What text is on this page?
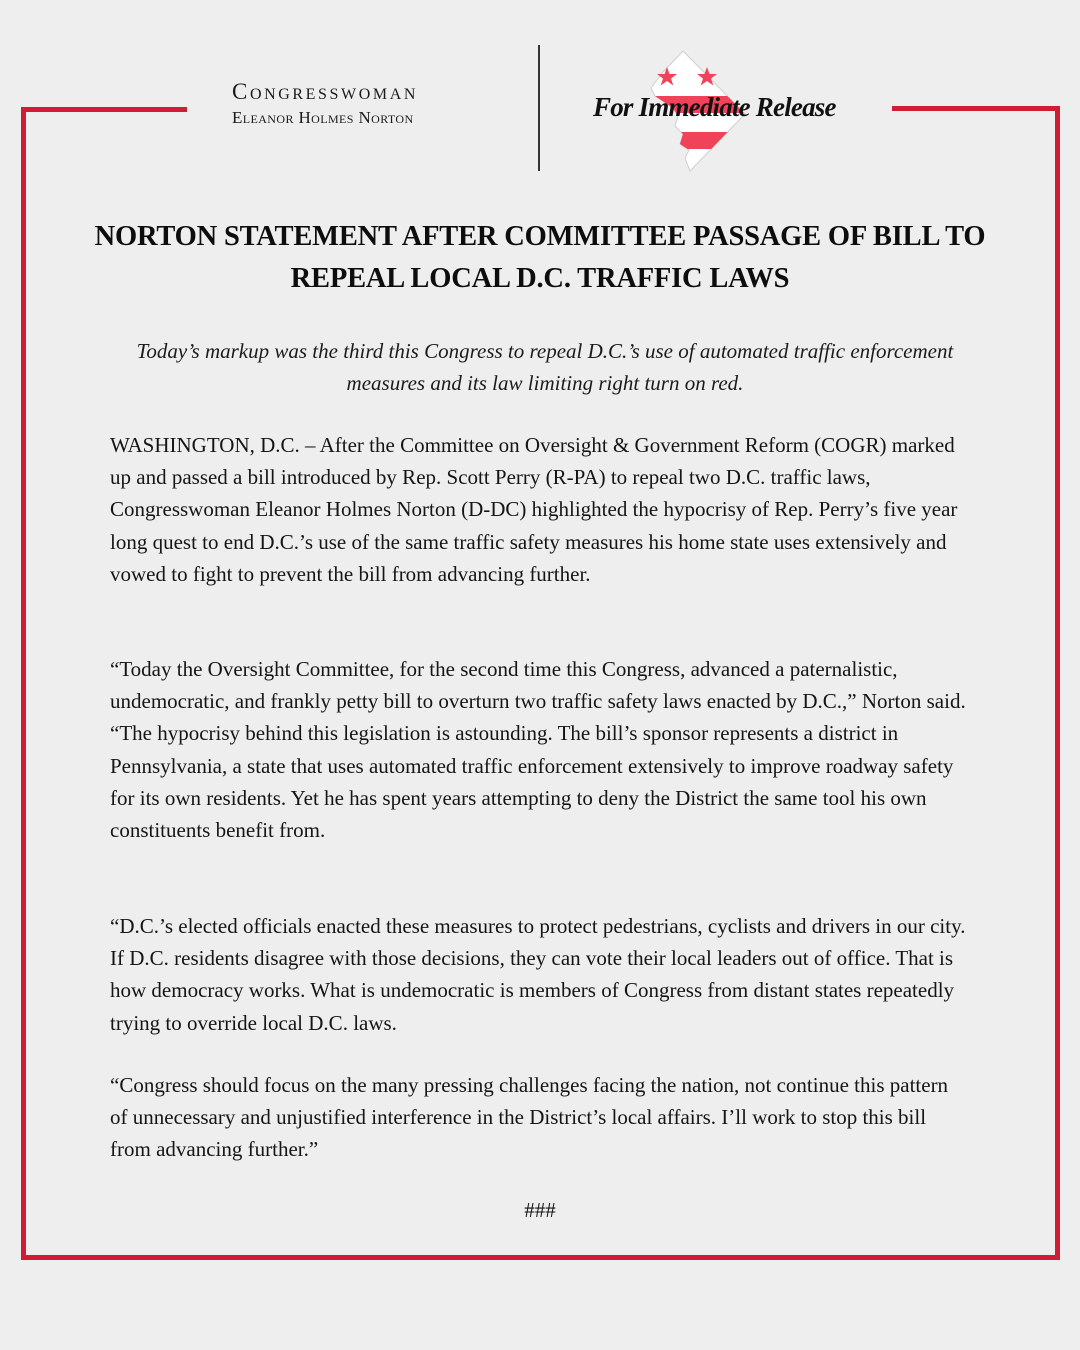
Congresswoman
Eleanor Holmes Norton	For Immediate Release
NORTON STATEMENT AFTER COMMITTEE PASSAGE OF BILL TO REPEAL LOCAL D.C. TRAFFIC LAWS

Today’s markup was the third this Congress to repeal D.C.’s use of automated traffic enforcement measures and its law limiting right turn on red.

WASHINGTON, D.C. – After the Committee on Oversight & Government Reform (COGR) marked up and passed a bill introduced by Rep. Scott Perry (R-PA) to repeal two D.C. traffic laws, Congresswoman Eleanor Holmes Norton (D-DC) highlighted the hypocrisy of Rep. Perry’s five year long quest to end D.C.’s use of the same traffic safety measures his home state uses extensively and vowed to fight to prevent the bill from advancing further.

“Today the Oversight Committee, for the second time this Congress, advanced a paternalistic, undemocratic, and frankly petty bill to overturn two traffic safety laws enacted by D.C.,” Norton said. “The hypocrisy behind this legislation is astounding. The bill’s sponsor represents a district in Pennsylvania, a state that uses automated traffic enforcement extensively to improve roadway safety for its own residents. Yet he has spent years attempting to deny the District the same tool his own constituents benefit from.

“D.C.’s elected officials enacted these measures to protect pedestrians, cyclists and drivers in our city. If D.C. residents disagree with those decisions, they can vote their local leaders out of office. That is how democracy works. What is undemocratic is members of Congress from distant states repeatedly trying to override local D.C. laws.

“Congress should focus on the many pressing challenges facing the nation, not continue this pattern of unnecessary and unjustified interference in the District’s local affairs. I’ll work to stop this bill from advancing further.”

###
